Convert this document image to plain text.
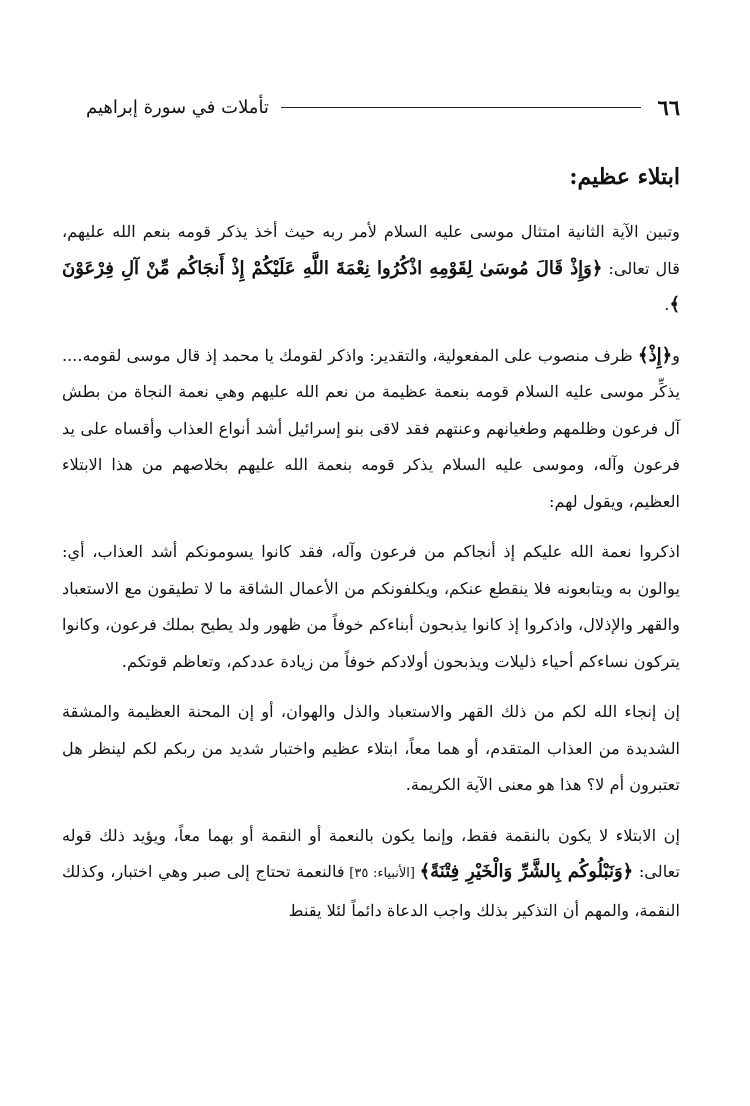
٦٦
تأملات في سورة إبراهيم
ابتلاء عظيم:

وتبين الآية الثانية امتثال موسى عليه السلام لأمر ربه حيث أخذ يذكر قومه بنعم الله عليهم، قال تعالى: ﴿وَإِذْ قَالَ مُوسَىٰ لِقَوْمِهِ اذْكُرُوا نِعْمَةَ اللَّهِ عَلَيْكُمْ إِذْ أَنجَاكُم مِّنْ آلِ فِرْعَوْنَ ﴾.

و﴿إِذْ﴾ ظرف منصوب على المفعولية، والتقدير: واذكر لقومك يا محمد إذ قال موسى لقومه.... يذكِّر موسى عليه السلام قومه بنعمة عظيمة من نعم الله عليهم وهي نعمة النجاة من بطش آل فرعون وظلمهم وطغيانهم وعنتهم فقد لاقى بنو إسرائيل أشد أنواع العذاب وأقساه على يد فرعون وآله، وموسى عليه السلام يذكر قومه بنعمة الله عليهم بخلاصهم من هذا الابتلاء العظيم، ويقول لهم:

اذكروا نعمة الله عليكم إذ أنجاكم من فرعون وآله، فقد كانوا يسومونكم أشد العذاب، أي: يوالون به ويتابعونه فلا ينقطع عنكم، ويكلفونكم من الأعمال الشاقة ما لا تطيقون مع الاستعباد والقهر والإذلال، واذكروا إذ كانوا يذبحون أبناءكم خوفاً من ظهور ولد يطيح بملك فرعون، وكانوا يتركون نساءكم أحياء ذليلات ويذبحون أولادكم خوفاً من زيادة عددكم، وتعاظم قوتكم.

إن إنجاء الله لكم من ذلك القهر والاستعباد والذل والهوان، أو إن المحنة العظيمة والمشقة الشديدة من العذاب المتقدم، أو هما معاً، ابتلاء عظيم واختبار شديد من ربكم لكم لينظر هل تعتبرون أم لا؟ هذا هو معنى الآية الكريمة.

إن الابتلاء لا يكون بالنقمة فقط، وإنما يكون بالنعمة أو النقمة أو بهما معاً، ويؤيد ذلك قوله تعالى: ﴿وَنَبْلُوكُم بِالشَّرِّ وَالْخَيْرِ فِتْنَةً﴾ [الأنبياء: ٣٥] فالنعمة تحتاج إلى صبر وهي اختبار، وكذلك النقمة، والمهم أن التذكير بذلك واجب الدعاة دائماً لئلا يقنط
